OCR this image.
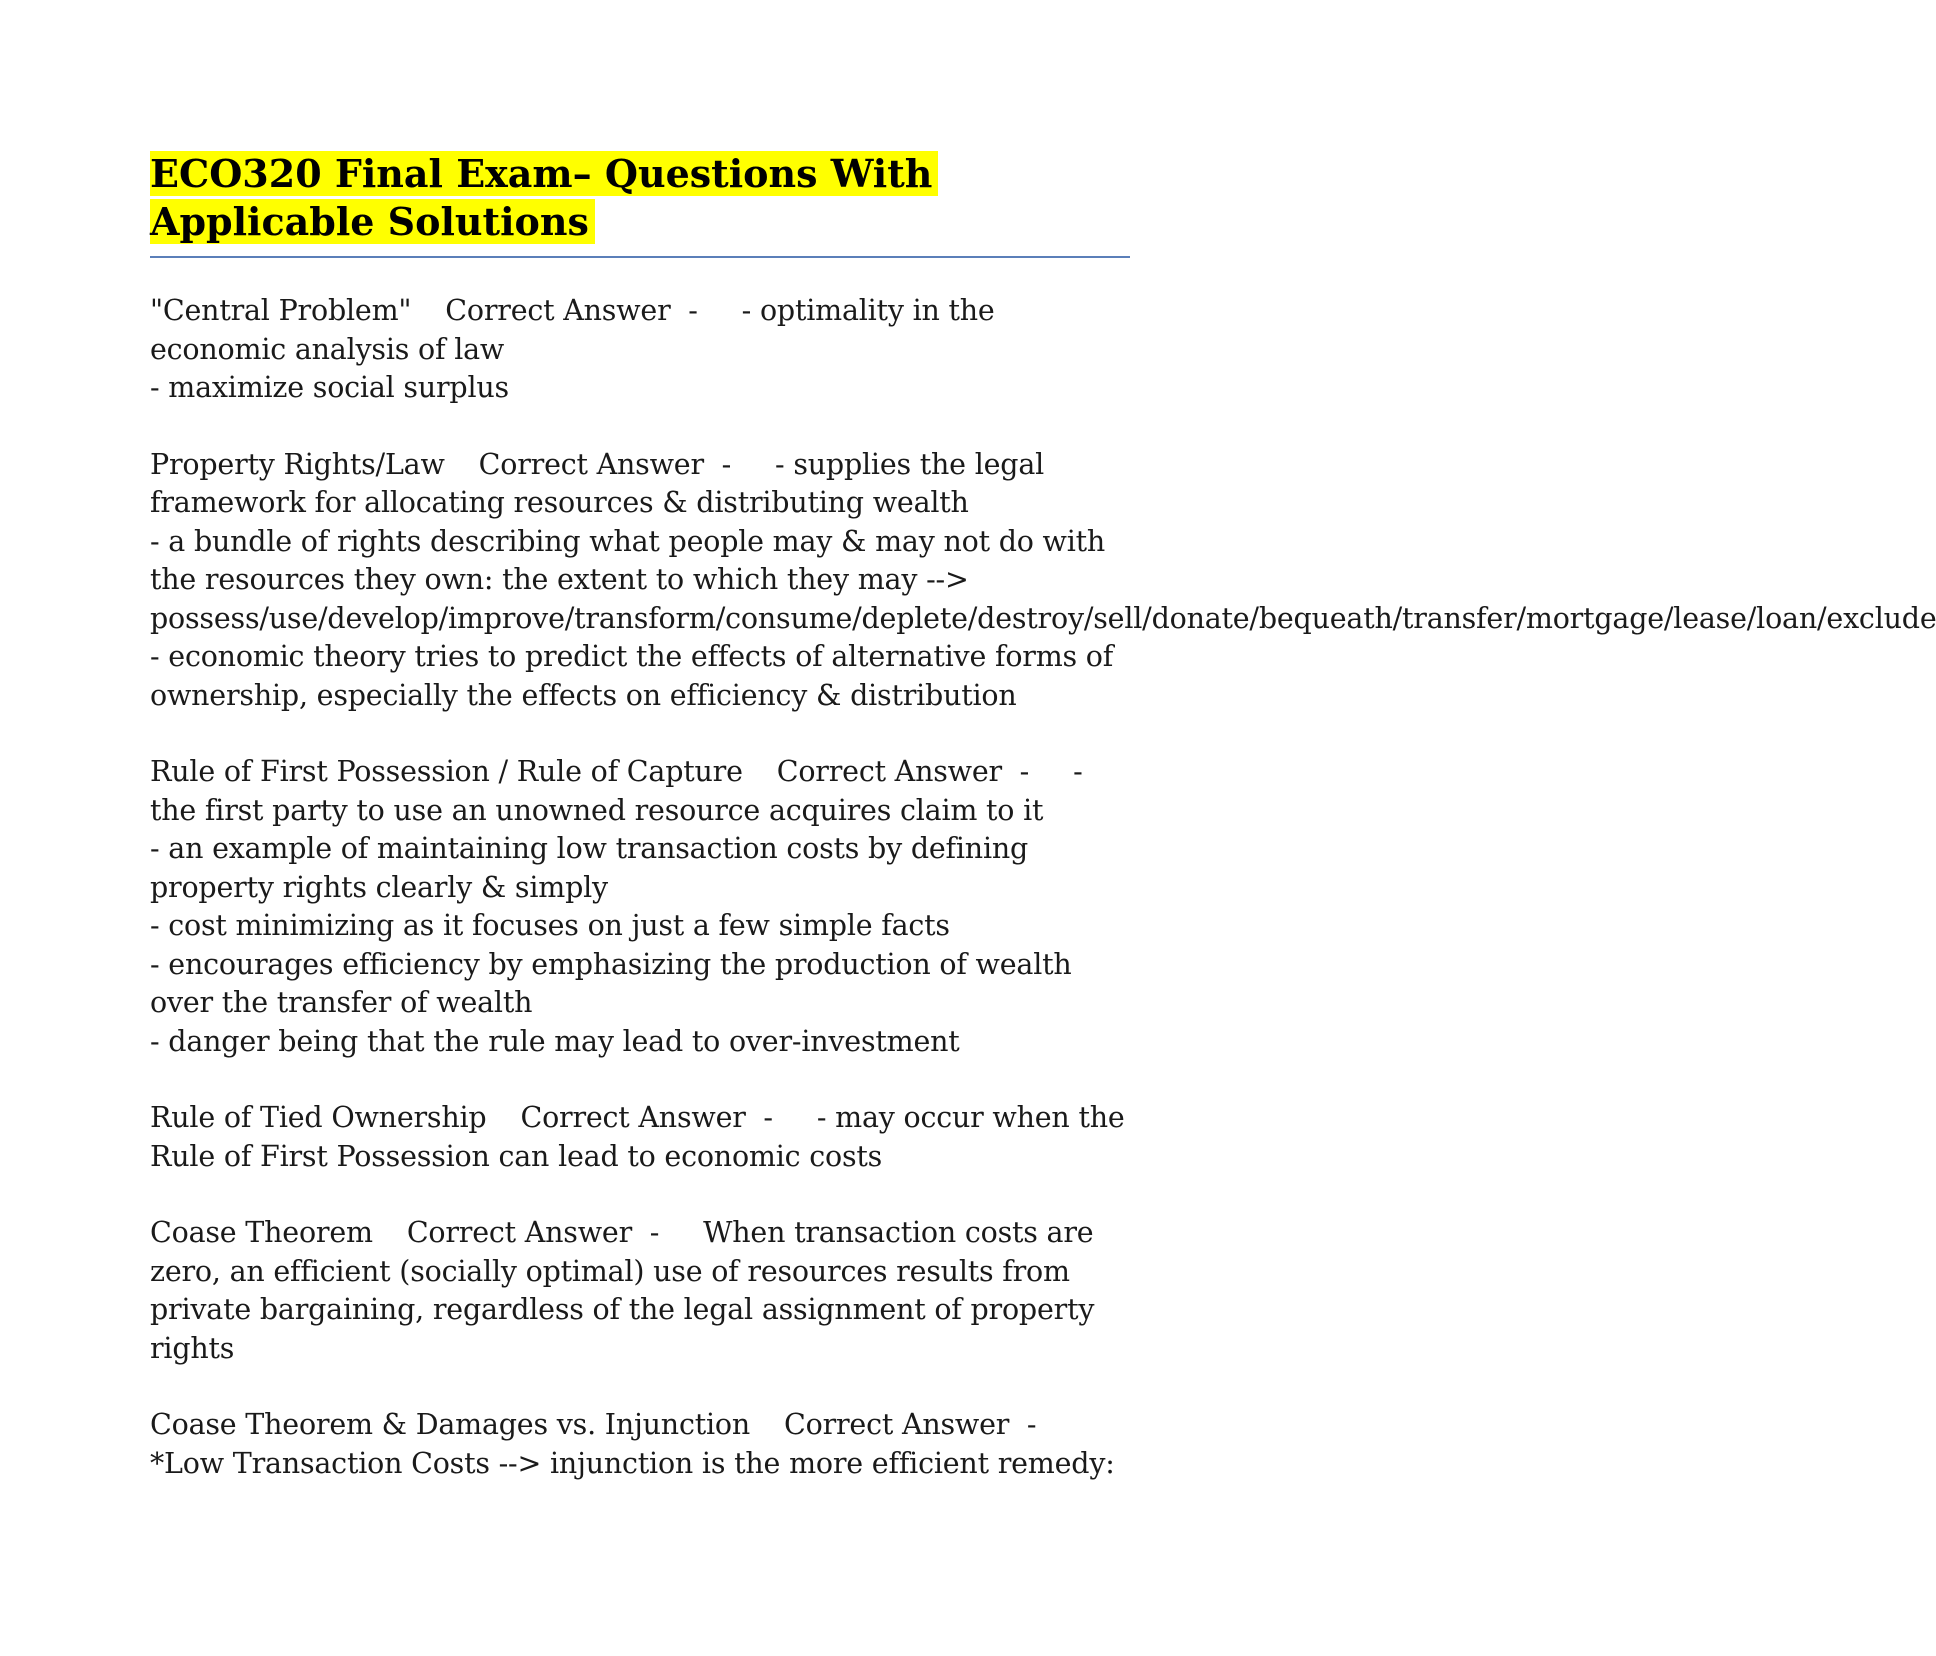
ECO320 Final Exam– Questions With Applicable Solutions
"Central Problem" Correct Answer  - - optimality in the economic analysis of law
- maximize social surplus
Property Rights/Law Correct Answer  - - supplies the legal framework for allocating resources & distributing wealth
- a bundle of rights describing what people may & may not do with the resources they own: the extent to which they may --> possess/use/develop/improve/transform/consume/deplete/destroy/sell/donate/bequeath/transfer/mortgage/lease/loan/exclude
- economic theory tries to predict the effects of alternative forms of ownership, especially the effects on efficiency & distribution
Rule of First Possession / Rule of Capture Correct Answer  - - the first party to use an unowned resource acquires claim to it
- an example of maintaining low transaction costs by defining property rights clearly & simply
- cost minimizing as it focuses on just a few simple facts
- encourages efficiency by emphasizing the production of wealth over the transfer of wealth
- danger being that the rule may lead to over-investment
Rule of Tied Ownership Correct Answer  - - may occur when the Rule of First Possession can lead to economic costs
Coase Theorem Correct Answer  - When transaction costs are zero, an efficient (socially optimal) use of resources results from private bargaining, regardless of the legal assignment of property rights
Coase Theorem & Damages vs. Injunction Correct Answer  -*Low Transaction Costs --> injunction is the more efficient remedy:
